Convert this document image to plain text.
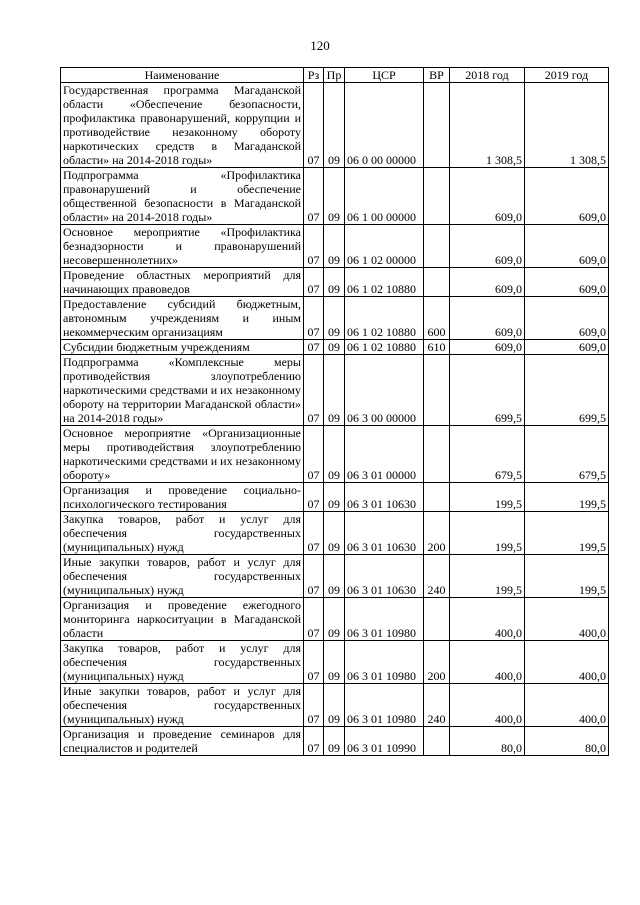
120
Наименование	Рз	Пр	ЦСР	ВР	2018 год	2019 год
Государственная программа Магаданской области «Обеспечение безопасности, профилактика правонарушений, коррупции и противодействие незаконному обороту наркотических средств в Магаданской области» на 2014-2018 годы»	07	09	06 0 00 00000		1 308,5	1 308,5
Подпрограмма «Профилактика правонарушений и обеспечение общественной безопасности в Магаданской области» на 2014-2018 годы»	07	09	06 1 00 00000		609,0	609,0
Основное мероприятие «Профилактика безнадзорности и правонарушений несовершеннолетних»	07	09	06 1 02 00000		609,0	609,0
Проведение областных мероприятий для начинающих правоведов	07	09	06 1 02 10880		609,0	609,0
Предоставление субсидий бюджетным, автономным учреждениям и иным некоммерческим организациям	07	09	06 1 02 10880	600	609,0	609,0
Субсидии бюджетным учреждениям	07	09	06 1 02 10880	610	609,0	609,0
Подпрограмма «Комплексные меры противодействия злоупотреблению наркотическими средствами и их незаконному обороту на территории Магаданской области» на 2014-2018 годы»	07	09	06 3 00 00000		699,5	699,5
Основное мероприятие «Организационные меры противодействия злоупотреблению наркотическими средствами и их незаконному обороту»	07	09	06 3 01 00000		679,5	679,5
Организация и проведение социально-психологического тестирования	07	09	06 3 01 10630		199,5	199,5
Закупка товаров, работ и услуг для обеспечения государственных (муниципальных) нужд	07	09	06 3 01 10630	200	199,5	199,5
Иные закупки товаров, работ и услуг для обеспечения государственных (муниципальных) нужд	07	09	06 3 01 10630	240	199,5	199,5
Организация и проведение ежегодного мониторинга наркоситуации в Магаданской области	07	09	06 3 01 10980		400,0	400,0
Закупка товаров, работ и услуг для обеспечения государственных (муниципальных) нужд	07	09	06 3 01 10980	200	400,0	400,0
Иные закупки товаров, работ и услуг для обеспечения государственных (муниципальных) нужд	07	09	06 3 01 10980	240	400,0	400,0
Организация и проведение семинаров для специалистов и родителей	07	09	06 3 01 10990		80,0	80,0
